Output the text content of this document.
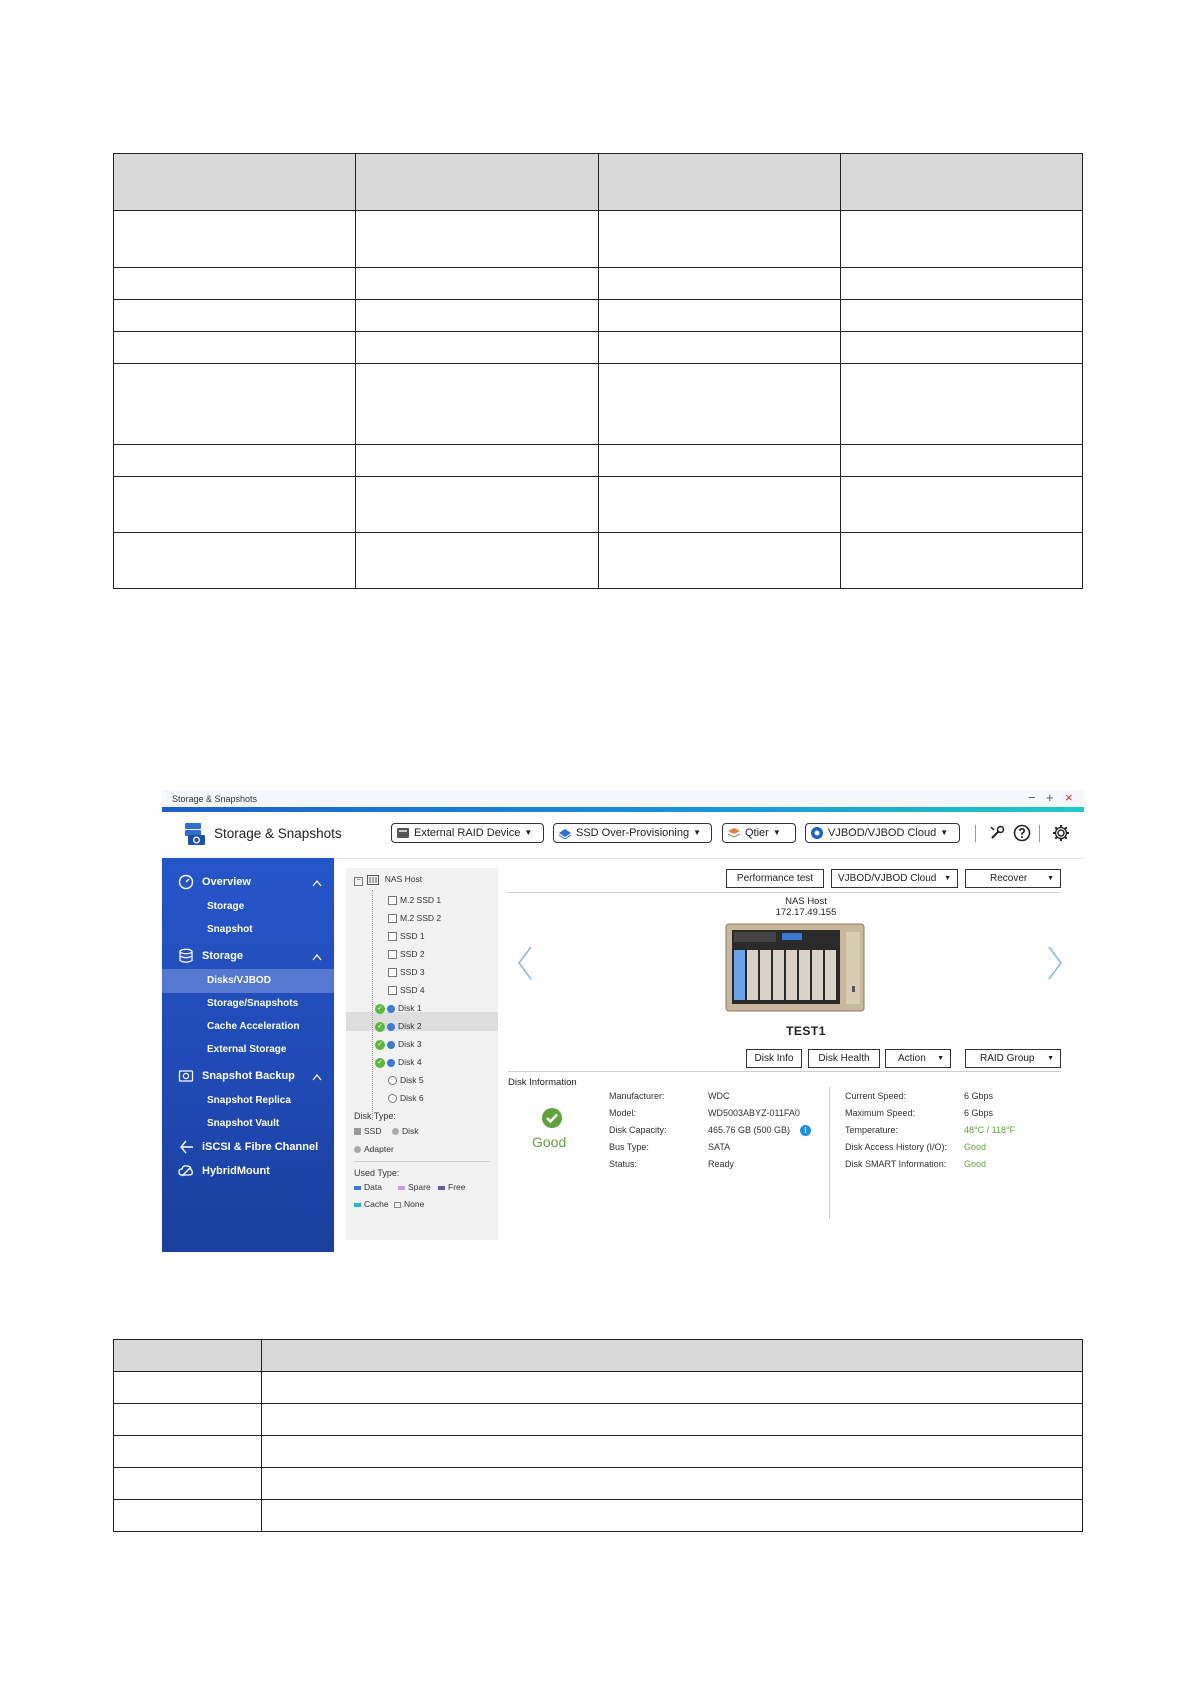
Storage & Snapshots	− + ×
Storage & Snapshots	External RAID Device ▼	SSD Over-Provisioning ▼	Qtier ▼	VJBOD/VJBOD Cloud ▼
Overview
Storage
Snapshot
Storage
Disks/VJBOD
Storage/Snapshots
Cache Acceleration
External Storage
Snapshot Backup
Snapshot Replica
Snapshot Vault
iSCSI & Fibre Channel
HybridMount
−	NAS Host
M.2 SSD 1
M.2 SSD 2
SSD 1
SSD 2
SSD 3
SSD 4
✓ Disk 1
✓ Disk 2
✓ Disk 3
✓ Disk 4
Disk 5
Disk 6
Disk Type:
SSD	Disk
Adapter
Used Type:
Data	Spare	Free
Cache	None
Performance test VJBOD/VJBOD Cloud ▼	Recover	▼
NAS Host
172.17.49.155
TEST1
Disk Info Disk Health	Action ▼	RAID Group ▼
Disk Information
Good
Manufacturer:	WDC
Model:	WD5003ABYZ-011FA0
Disk Capacity:	465.76 GB (500 GB)	i
Bus Type:	SATA
Status:	Ready
Current Speed:	6 Gbps
Maximum Speed:	6 Gbps
Temperature:	48°C / 118°F
Disk Access History (I/O): Good
Disk SMART Information: Good
